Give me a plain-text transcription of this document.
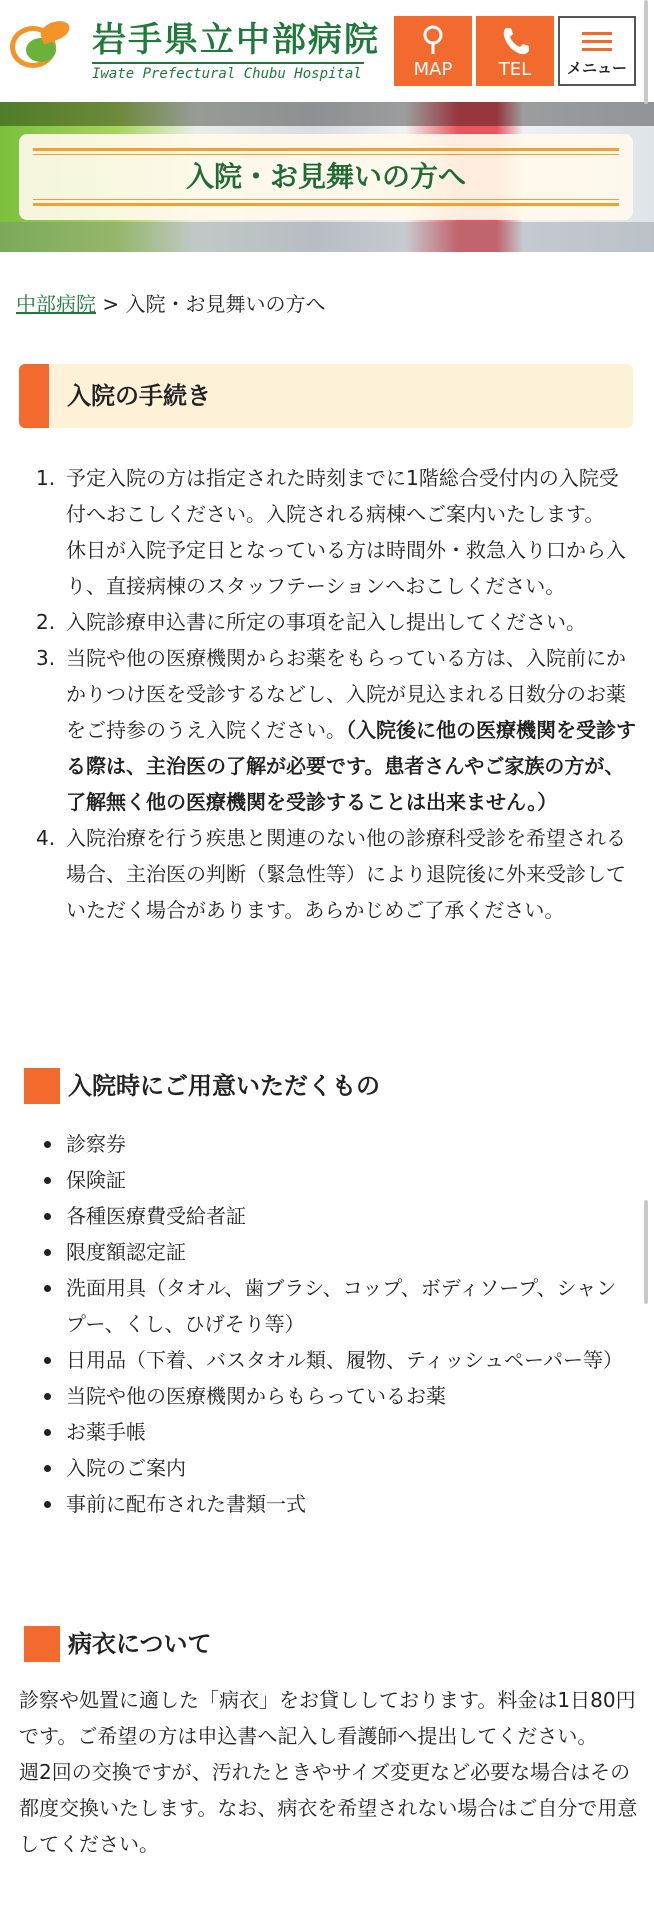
岩手県立中部病院
Iwate Prefectural Chubu Hospital	MAP	TEL	メニュー
入院・お見舞いの方へ
中部病院 > 入院・お見舞いの方へ
入院の手続き
1. 予定入院の方は指定された時刻までに1階総合受付内の入院受付へおこしください。入院される病棟へご案内いたします。
休日が入院予定日となっている方は時間外・救急入り口から入り、直接病棟のスタッフテーションへおこしください。
2. 入院診療申込書に所定の事項を記入し提出してください。
3. 当院や他の医療機関からお薬をもらっている方は、入院前にかかりつけ医を受診するなどし、入院が見込まれる日数分のお薬をご持参のうえ入院ください。（入院後に他の医療機関を受診する際は、主治医の了解が必要です。患者さんやご家族の方が、了解無く他の医療機関を受診することは出来ません。）
4. 入院治療を行う疾患と関連のない他の診療科受診を希望される場合、主治医の判断（緊急性等）により退院後に外来受診していただく場合があります。あらかじめご了承ください。
入院時にご用意いただくもの
診察券
保険証
各種医療費受給者証
限度額認定証
洗面用具（タオル、歯ブラシ、コップ、ボディソープ、シャンプー、くし、ひげそり等）
日用品（下着、バスタオル類、履物、ティッシュペーパー等）
当院や他の医療機関からもらっているお薬
お薬手帳
入院のご案内
事前に配布された書類一式
病衣について

診察や処置に適した「病衣」をお貸ししております。料金は1日80円です。ご希望の方は申込書へ記入し看護師へ提出してください。
週2回の交換ですが、汚れたときやサイズ変更など必要な場合はその都度交換いたします。なお、病衣を希望されない場合はご自分で用意してください。
